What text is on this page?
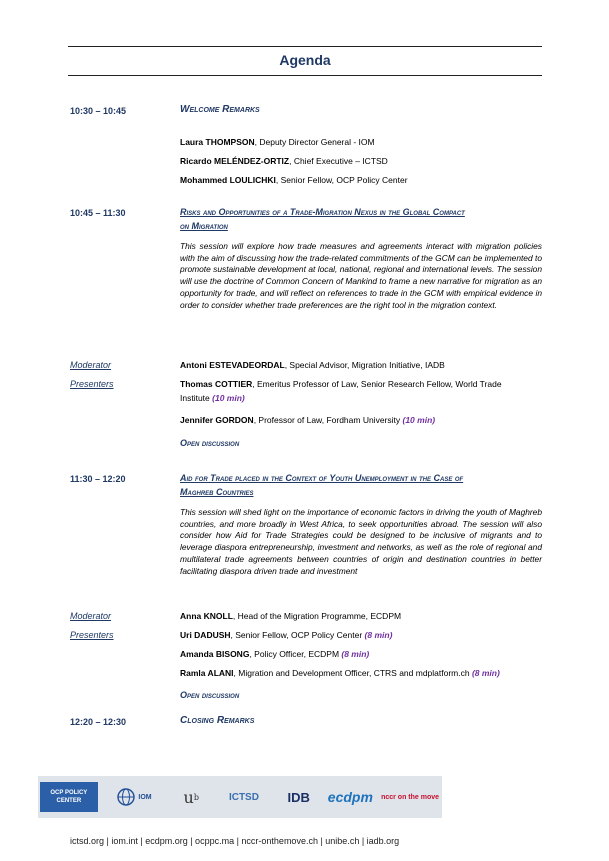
Agenda
10:30 – 10:45	Welcome Remarks
Laura THOMPSON, Deputy Director General - IOM
Ricardo MELÉNDEZ-ORTIZ, Chief Executive – ICTSD
Mohammed LOULICHKI, Senior Fellow, OCP Policy Center
10:45 – 11:30	Risks and Opportunities of a Trade-Migration Nexus in the Global Compact
on Migration
This session will explore how trade measures and agreements interact with migration policies with the aim of discussing how the trade-related commitments of the GCM can be implemented to promote sustainable development at local, national, regional and international levels. The session will use the doctrine of Common Concern of Mankind to frame a new narrative for migration as an opportunity for trade, and will reflect on references to trade in the GCM with empirical evidence in order to consider whether trade preferences are the right tool in the migration context.
Moderator	Antoni ESTEVADEORDAL, Special Advisor, Migration Initiative, IADB
Presenters	Thomas COTTIER, Emeritus Professor of Law, Senior Research Fellow, World Trade
Institute (10 min)
Jennifer GORDON, Professor of Law, Fordham University (10 min)
Open discussion
11:30 – 12:20	Aid for Trade placed in the Context of Youth Unemployment in the Case of
Maghreb Countries
This session will shed light on the importance of economic factors in driving the youth of Maghreb countries, and more broadly in West Africa, to seek opportunities abroad. The session will also consider how Aid for Trade Strategies could be designed to be inclusive of migrants and to leverage diaspora entrepreneurship, investment and networks, as well as the role of regional and multilateral trade agreements between countries of origin and destination countries in better facilitating diaspora driven trade and investment
Moderator	Anna KNOLL, Head of the Migration Programme, ECDPM
Presenters	Uri DADUSH, Senior Fellow, OCP Policy Center (8 min)
Amanda BISONG, Policy Officer, ECDPM (8 min)
Ramla ALANI, Migration and Development Officer, CTRS and mdplatform.ch (8 min)
Open discussion
12:20 – 12:30	Closing Remarks
OCP POLICY CENTER
IOM u b	ICTSD IDB ecdpm nccr on the move
ictsd.org | iom.int | ecdpm.org | ocppc.ma | nccr-onthemove.ch | unibe.ch | iadb.org
